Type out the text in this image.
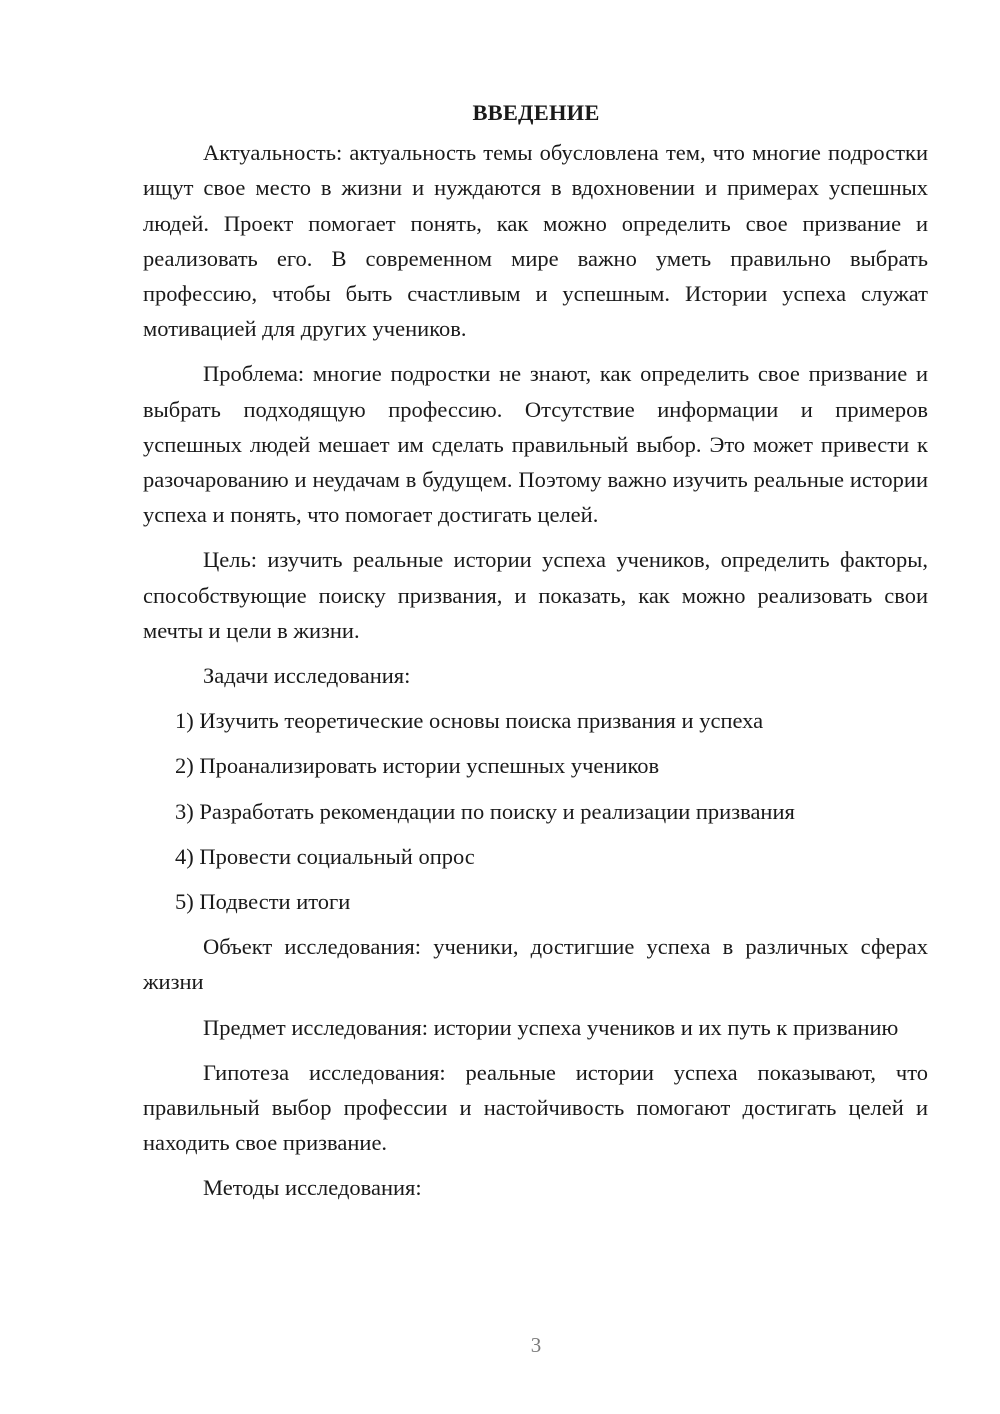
ВВЕДЕНИЕ

Актуальность: актуальность темы обусловлена тем, что многие подростки ищут свое место в жизни и нуждаются в вдохновении и примерах успешных людей. Проект помогает понять, как можно определить свое призвание и реализовать его. В современном мире важно уметь правильно выбрать профессию, чтобы быть счастливым и успешным. Истории успеха служат мотивацией для других учеников.

Проблема: многие подростки не знают, как определить свое призвание и выбрать подходящую профессию. Отсутствие информации и примеров успешных людей мешает им сделать правильный выбор. Это может привести к разочарованию и неудачам в будущем. Поэтому важно изучить реальные истории успеха и понять, что помогает достигать целей.

Цель: изучить реальные истории успеха учеников, определить факторы, способствующие поиску призвания, и показать, как можно реализовать свои мечты и цели в жизни.

Задачи исследования:

1) Изучить теоретические основы поиска призвания и успеха
2) Проанализировать истории успешных учеников
3) Разработать рекомендации по поиску и реализации призвания
4) Провести социальный опрос
5) Подвести итоги

Объект исследования: ученики, достигшие успеха в различных сферах жизни

Предмет исследования: истории успеха учеников и их путь к призванию

Гипотеза исследования: реальные истории успеха показывают, что правильный выбор профессии и настойчивость помогают достигать целей и находить свое призвание.

Методы исследования:

3
